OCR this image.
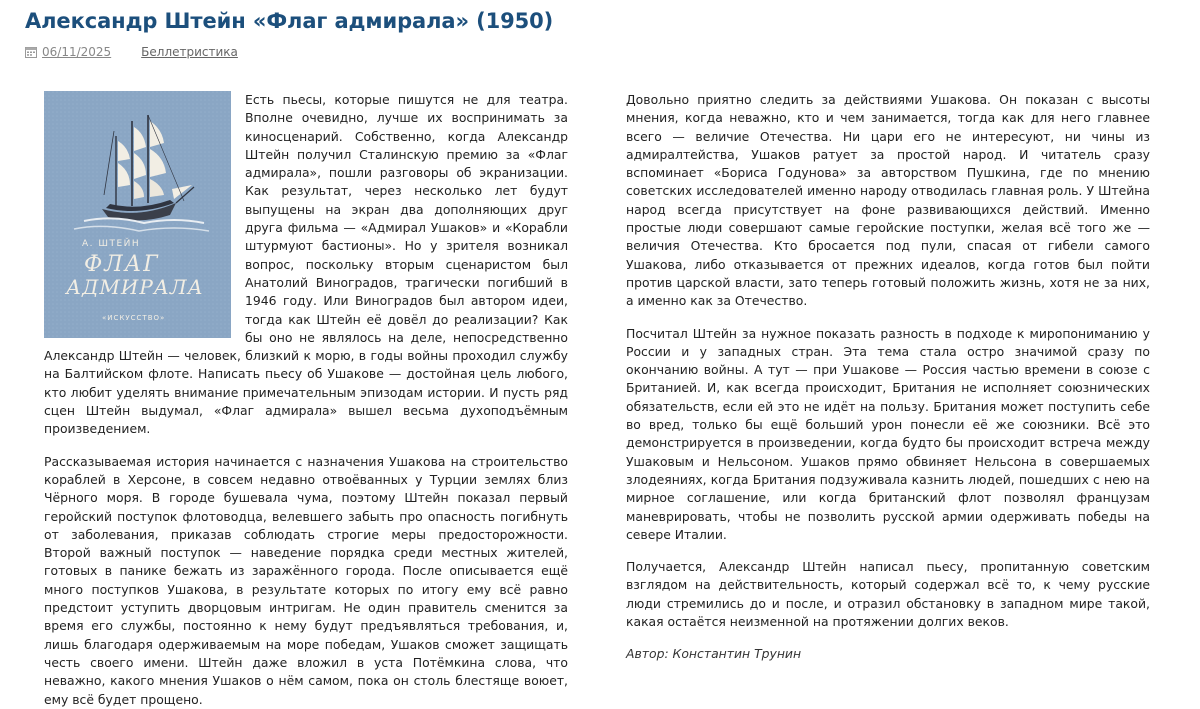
Александр Штейн «Флаг адмирала» (1950)
06/11/2025	Беллетристика
А. ШТЕЙН
ФЛАГ
АДМИРАЛА
«ИСКУССТВО»

Есть пьесы, которые пишутся не для театра. Вполне очевидно, лучше их воспринимать за киносценарий. Собственно, когда Александр Штейн получил Сталинскую премию за «Флаг адмирала», пошли разговоры об экранизации. Как результат, через несколько лет будут выпущены на экран два дополняющих друг друга фильма — «Адмирал Ушаков» и «Корабли штурмуют бастионы». Но у зрителя возникал вопрос, поскольку вторым сценаристом был Анатолий Виноградов, трагически погибший в 1946 году. Или Виноградов был автором идеи, тогда как Штейн её довёл до реализации? Как бы оно не являлось на деле, непосредственно Александр Штейн — человек, близкий к морю, в годы войны проходил службу на Балтийском флоте. Написать пьесу об Ушакове — достойная цель любого, кто любит уделять внимание примечательным эпизодам истории. И пусть ряд сцен Штейн выдумал, «Флаг адмирала» вышел весьма духоподъёмным произведением.

Рассказываемая история начинается с назначения Ушакова на строительство кораблей в Херсоне, в совсем недавно отвоёванных у Турции землях близ Чёрного моря. В городе бушевала чума, поэтому Штейн показал первый геройский поступок флотоводца, велевшего забыть про опасность погибнуть от заболевания, приказав соблюдать строгие меры предосторожности. Второй важный поступок — наведение порядка среди местных жителей, готовых в панике бежать из заражённого города. После описывается ещё много поступков Ушакова, в результате которых по итогу ему всё равно предстоит уступить дворцовым интригам. Не один правитель сменится за время его службы, постоянно к нему будут предъявляться требования, и, лишь благодаря одерживаемым на море победам, Ушаков сможет защищать честь своего имени. Штейн даже вложил в уста Потёмкина слова, что неважно, какого мнения Ушаков о нём самом, пока он столь блестяще воюет, ему всё будет прощено.

Довольно приятно следить за действиями Ушакова. Он показан с высоты мнения, когда неважно, кто и чем занимается, тогда как для него главнее всего — величие Отечества. Ни цари его не интересуют, ни чины из адмиралтейства, Ушаков ратует за простой народ. И читатель сразу вспоминает «Бориса Годунова» за авторством Пушкина, где по мнению советских исследователей именно народу отводилась главная роль. У Штейна народ всегда присутствует на фоне развивающихся действий. Именно простые люди совершают самые геройские поступки, желая всё того же — величия Отечества. Кто бросается под пули, спасая от гибели самого Ушакова, либо отказывается от прежних идеалов, когда готов был пойти против царской власти, зато теперь готовый положить жизнь, хотя не за них, а именно как за Отечество.

Посчитал Штейн за нужное показать разность в подходе к миропониманию у России и у западных стран. Эта тема стала остро значимой сразу по окончанию войны. А тут — при Ушакове — Россия частью времени в союзе с Британией. И, как всегда происходит, Британия не исполняет союзнических обязательств, если ей это не идёт на пользу. Британия может поступить себе во вред, только бы ещё больший урон понесли её же союзники. Всё это демонстрируется в произведении, когда будто бы происходит встреча между Ушаковым и Нельсоном. Ушаков прямо обвиняет Нельсона в совершаемых злодеяниях, когда Британия подзуживала казнить людей, пошедших с нею на мирное соглашение, или когда британский флот позволял французам маневрировать, чтобы не позволить русской армии одерживать победы на севере Италии.

Получается, Александр Штейн написал пьесу, пропитанную советским взглядом на действительность, который содержал всё то, к чему русские люди стремились до и после, и отразил обстановку в западном мире такой, какая остаётся неизменной на протяжении долгих веков.

Автор: Константин Трунин
